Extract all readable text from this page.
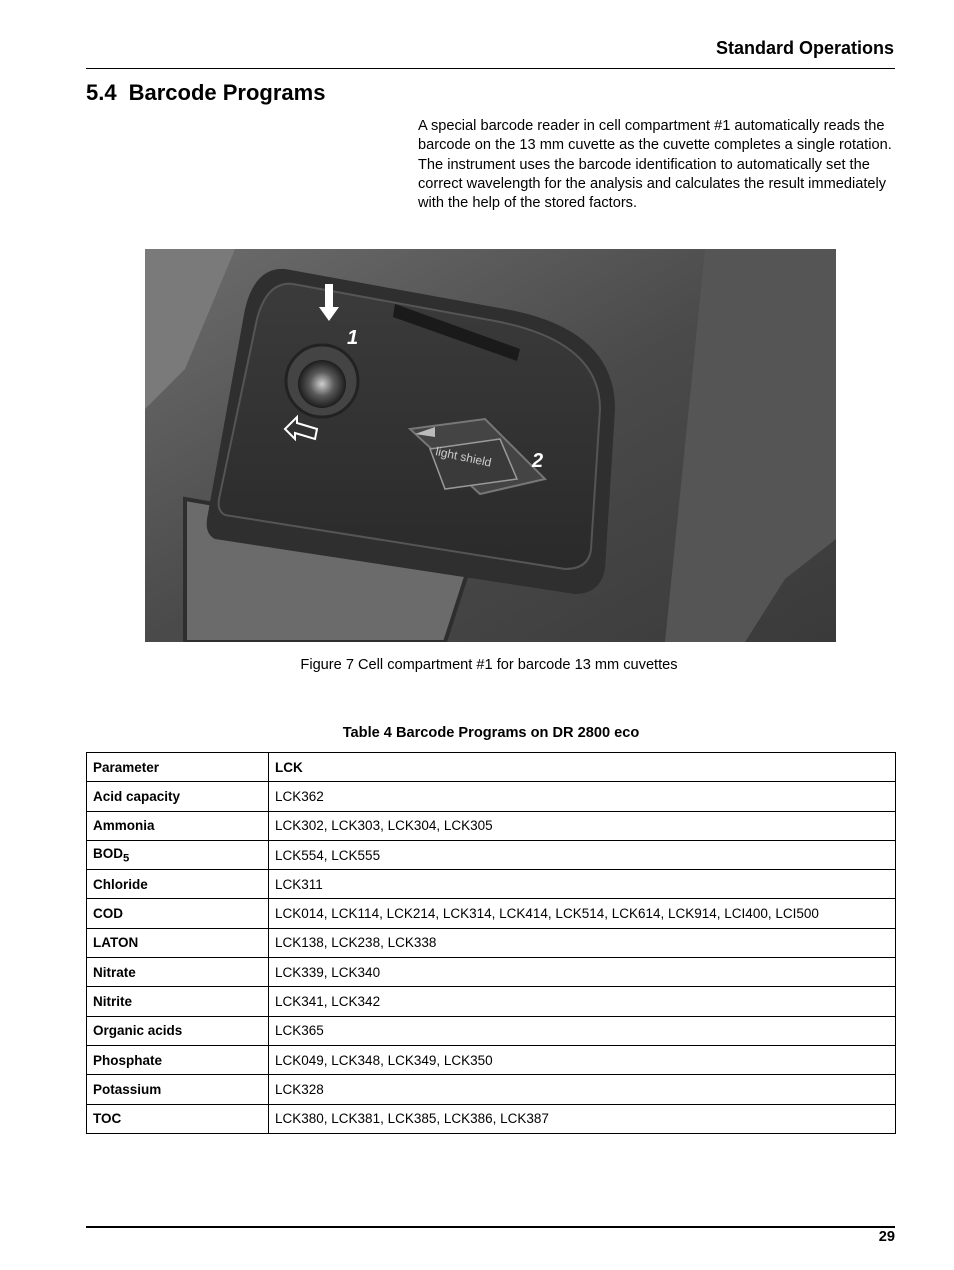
Standard Operations
5.4 Barcode Programs

A special barcode reader in cell compartment #1 automatically reads the barcode on the 13 mm cuvette as the cuvette completes a single rotation. The instrument uses the barcode identification to automatically set the correct wavelength for the analysis and calculates the result immediately with the help of the stored factors.

1
light shield 2
Figure 7 Cell compartment #1 for barcode 13 mm cuvettes
Table 4 Barcode Programs on DR 2800 eco
Parameter	LCK
Acid capacity	LCK362
Ammonia	LCK302, LCK303, LCK304, LCK305
$BOD_5$	LCK554, LCK555
Chloride	LCK311
COD	LCK014, LCK114, LCK214, LCK314, LCK414, LCK514, LCK614, LCK914, LCI400, LCI500
LATON	LCK138, LCK238, LCK338
Nitrate	LCK339, LCK340
Nitrite	LCK341, LCK342
Organic acids	LCK365
Phosphate	LCK049, LCK348, LCK349, LCK350
Potassium	LCK328
TOC	LCK380, LCK381, LCK385, LCK386, LCK387
29
